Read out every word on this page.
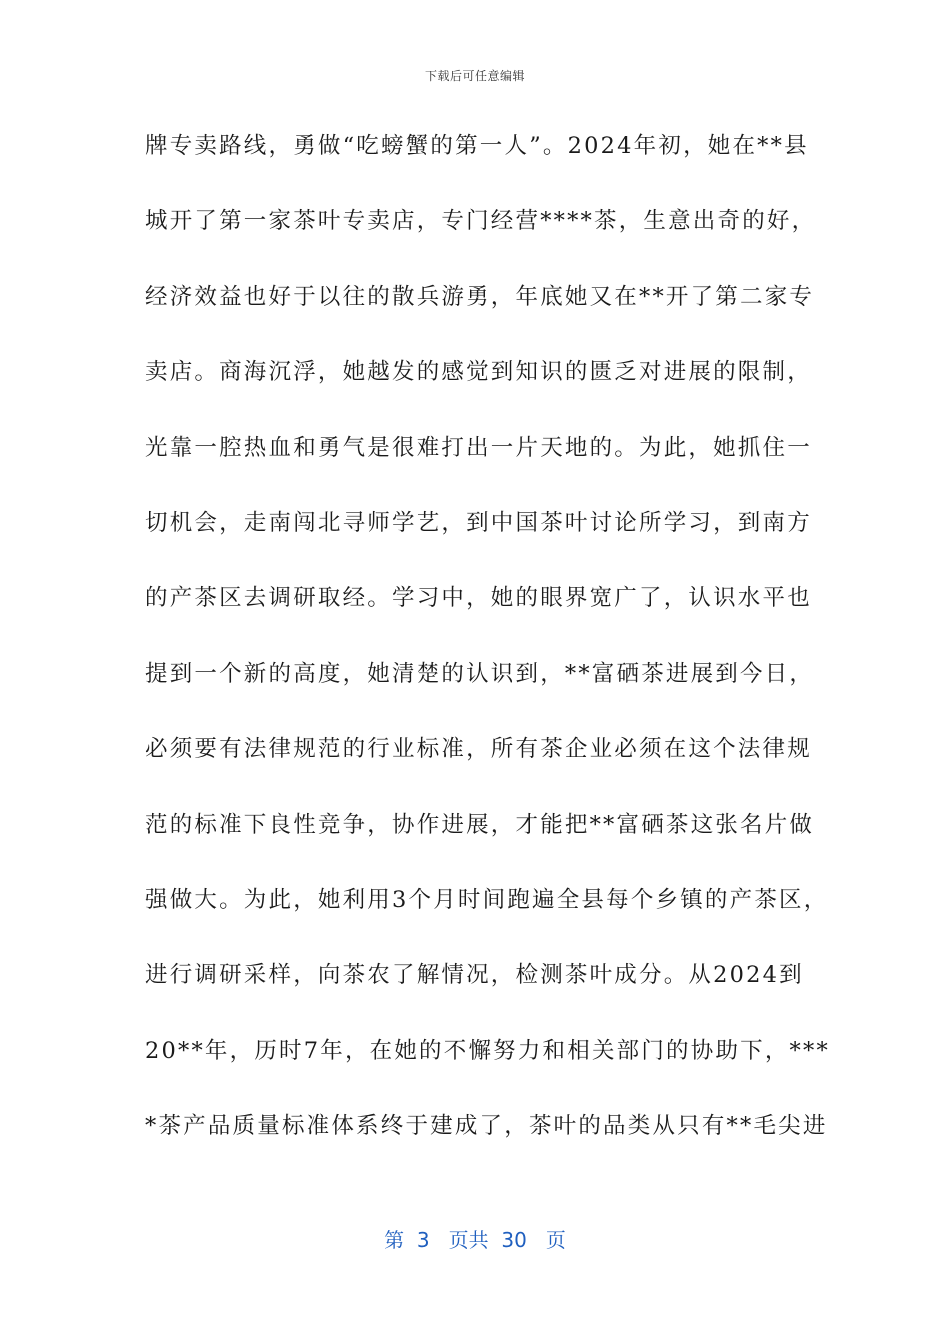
下载后可任意编辑
牌专卖路线，勇做“吃螃蟹的第一人”。2024年初，她在**县
城开了第一家茶叶专卖店，专门经营****茶，生意出奇的好，
经济效益也好于以往的散兵游勇，年底她又在**开了第二家专
卖店。商海沉浮，她越发的感觉到知识的匮乏对进展的限制，
光靠一腔热血和勇气是很难打出一片天地的。为此，她抓住一
切机会，走南闯北寻师学艺，到中国茶叶讨论所学习，到南方
的产茶区去调研取经。学习中，她的眼界宽广了，认识水平也
提到一个新的高度，她清楚的认识到，**富硒茶进展到今日，
必须要有法律规范的行业标准，所有茶企业必须在这个法律规
范的标准下良性竞争，协作进展，才能把**富硒茶这张名片做
强做大。为此，她利用3个月时间跑遍全县每个乡镇的产茶区，
进行调研采样，向茶农了解情况，检测茶叶成分。从2024到
20**年，历时7年，在她的不懈努力和相关部门的协助下，***
*茶产品质量标准体系终于建成了，茶叶的品类从只有**毛尖进
第  3   页共  30   页
